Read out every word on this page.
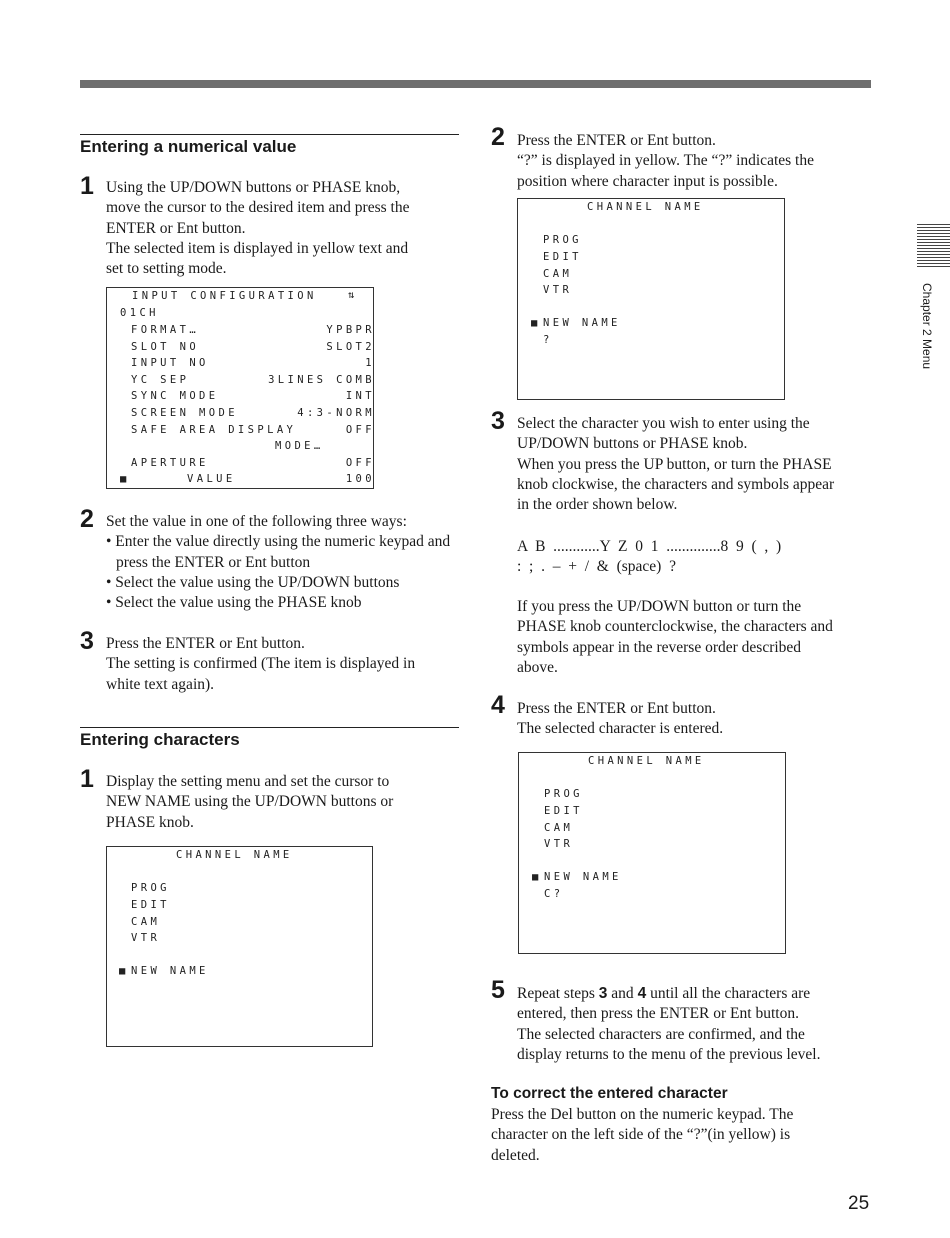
Entering a numerical value
1 Using the UP/DOWN buttons or PHASE knob,

move the cursor to the desired item and press the

ENTER or Ent button.

The selected item is displayed in yellow text and

set to setting mode.

INPUT CONFIGURATION	⇅
01CH
FORMAT…	YPBPR
SLOT NO	SLOT2
INPUT NO	1
YC SEP	3LINES COMB
SYNC MODE	INT
SCREEN MODE	4:3-NORM
SAFE AREA DISPLAY	OFF
MODE…
APERTURE	OFF
■	VALUE	100
2 Set the value in one of the following three ways:

• Enter the value directly using the numeric keypad and press the ENTER or Ent button

• Select the value using the UP/DOWN buttons

• Select the value using the PHASE knob

3 Press the ENTER or Ent button.

The setting is confirmed (The item is displayed in

white text again).

Entering characters
1 Display the setting menu and set the cursor to

NEW NAME using the UP/DOWN buttons or

PHASE knob.

CHANNEL NAME
PROG
EDIT
CAM
VTR
■ NEW NAME
2 Press the ENTER or Ent button.

“?” is displayed in yellow. The “?” indicates the

position where character input is possible.

CHANNEL NAME
PROG
EDIT
CAM
VTR
■ NEW NAME
?
3 Select the character you wish to enter using the

UP/DOWN buttons or PHASE knob.

When you press the UP button, or turn the PHASE

knob clockwise, the characters and symbols appear

in the order shown below.

A  B  ............Y  Z  0  1  ..............8  9  (  ,  )
:  ;  .  –  +  /  &  (space)  ?

If you press the UP/DOWN button or turn the

PHASE knob counterclockwise, the characters and

symbols appear in the reverse order described

above.

4 Press the ENTER or Ent button.

The selected character is entered.

CHANNEL NAME
PROG
EDIT
CAM
VTR
■ NEW NAME
C?
5 Repeat steps 3 and 4 until all the characters are

entered, then press the ENTER or Ent button.

The selected characters are confirmed, and the

display returns to the menu of the previous level.

To correct the entered character

Press the Del button on the numeric keypad. The

character on the left side of the “?”(in yellow) is

deleted.

Chapter 2 Menu
25
